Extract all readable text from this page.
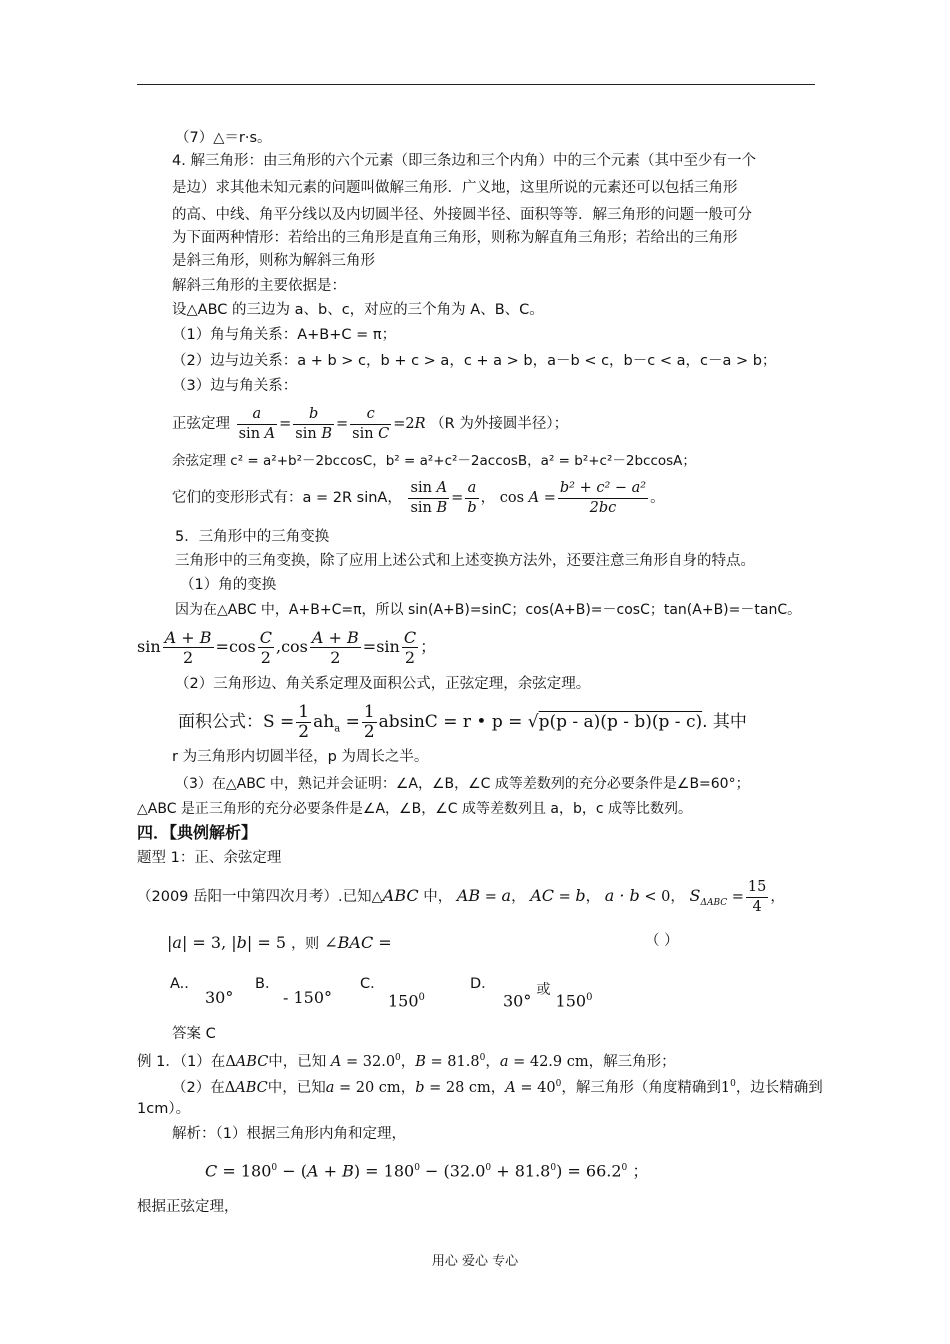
（7）△＝r·s。
4. 解三角形：由三角形的六个元素（即三条边和三个内角）中的三个元素（其中至少有一个
是边）求其他未知元素的问题叫做解三角形．广义地，这里所说的元素还可以包括三角形
的高、中线、角平分线以及内切圆半径、外接圆半径、面积等等．解三角形的问题一般可分
为下面两种情形：若给出的三角形是直角三角形，则称为解直角三角形；若给出的三角形
是斜三角形，则称为解斜三角形
解斜三角形的主要依据是：
设△ABC 的三边为 a、b、c，对应的三个角为 A、B、C。
（1）角与角关系：A+B+C = π；
（2）边与边关系：a + b > c，b + c > a，c + a > b，a－b < c，b－c < a，c－a > b；
（3）边与角关系：
正弦定理 $\frac{a}{\text{sin A}} = \frac{b}{\text{sin B}} = \frac{c}{\text{sin C}} =2R$ （R 为外接圆半径）；
余弦定理 c² = a²+b²－2bccosC，b² = a²+c²－2accosB，a² = b²+c²－2bccosA；
它们的变形形式有：a = 2R sinA， $\frac{\text{sin A}}{\text{sin B}} = \frac{a}{b}$ ， $\cos A = \frac{\text{b² + c² − a²}}{2bc}$ 。
5．三角形中的三角变换
三角形中的三角变换，除了应用上述公式和上述变换方法外，还要注意三角形自身的特点。
（1）角的变换
因为在△ABC 中，A+B+C=π，所以 sin(A+B)=sinC；cos(A+B)=－cosC；tan(A+B)=－tanC。
$\sin \frac{A + B}{2} =\cos \frac{C}{2} ,\cos \frac{A + B}{2} =\sin \frac{C}{2}$ ；
（2）三角形边、角关系定理及面积公式，正弦定理，余弦定理。
面积公式：$S = \frac{1}{2} ah_a = \frac{1}{2}$ absinC = r • p = √p(p - a)(p - b)(p - c). 其中
r 为三角形内切圆半径，p 为周长之半。
（3）在△ABC 中，熟记并会证明：∠A，∠B，∠C 成等差数列的充分必要条件是∠B=60°；
△ABC 是正三角形的充分必要条件是∠A，∠B，∠C 成等差数列且 a，b，c 成等比数列。
四．【典例解析】
题型 1：正、余弦定理
（2009 岳阳一中第四次月考）.已知△ABC 中， AB = a， AC = b， a · b < 0， $S_{\Delta ABC} = \frac{15}{4}$ ，
|a| = 3, |b| = 5 ，则 ∠BAC =	（ ）
A..
30°
B．
- 150°
C．
$150^0$
D．
30° 或 $150^0$
答案 C
例 1．（1）在ΔABC中，已知 $A = 32.0^0$，$B = 81.8^0$，a = 42.9 cm，解三角形；
（2）在ΔABC中，已知a = 20 cm，b = 28 cm，$A = 40^0$，解三角形（角度精确到$1^0$，边长精确到
1cm）。
解析：（1）根据三角形内角和定理，
$C = 180^0 - (A + B) = 180^0 - (32.0^0 + 81.8^0) = 66.2^0$ ；
根据正弦定理，
用心 爱心 专心
